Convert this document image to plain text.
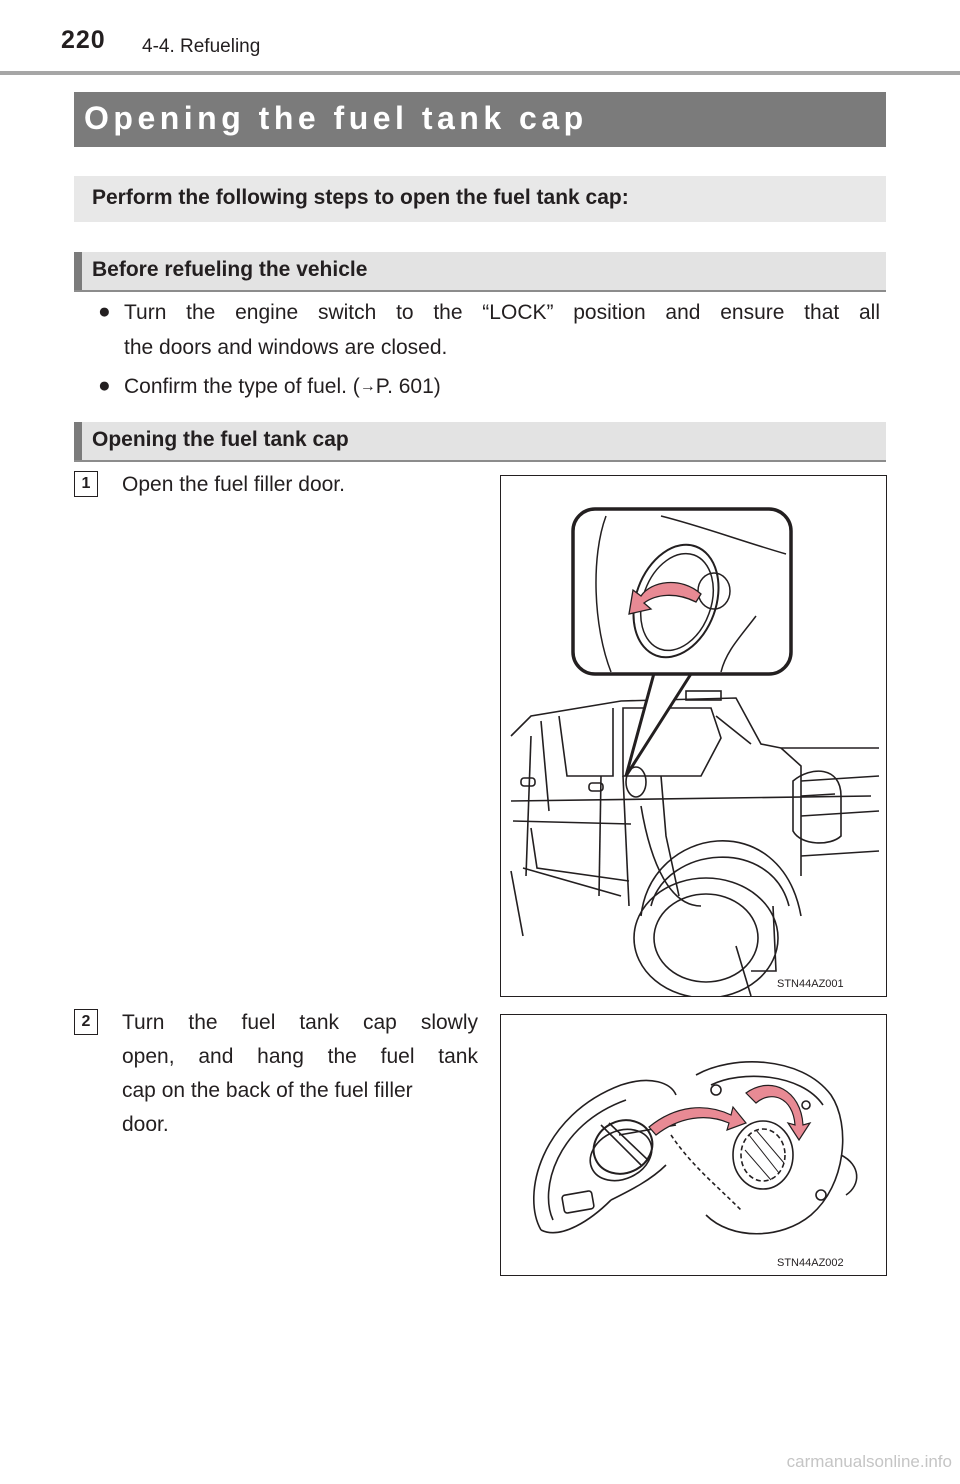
220 4-4. Refueling
Opening the fuel tank cap
Perform the following steps to open the fuel tank cap:
Before refueling the vehicle
● Turn the engine switch to the “LOCK” position and ensure that all
the doors and windows are closed.
● Confirm the type of fuel. (→P. 601)
Opening the fuel tank cap
1	Open the fuel filler door.
STN44AZ001
2	Turn the fuel tank cap slowly
open, and hang the fuel tank
cap on the back of the fuel filler
door.
STN44AZ002
carmanualsonline.info
